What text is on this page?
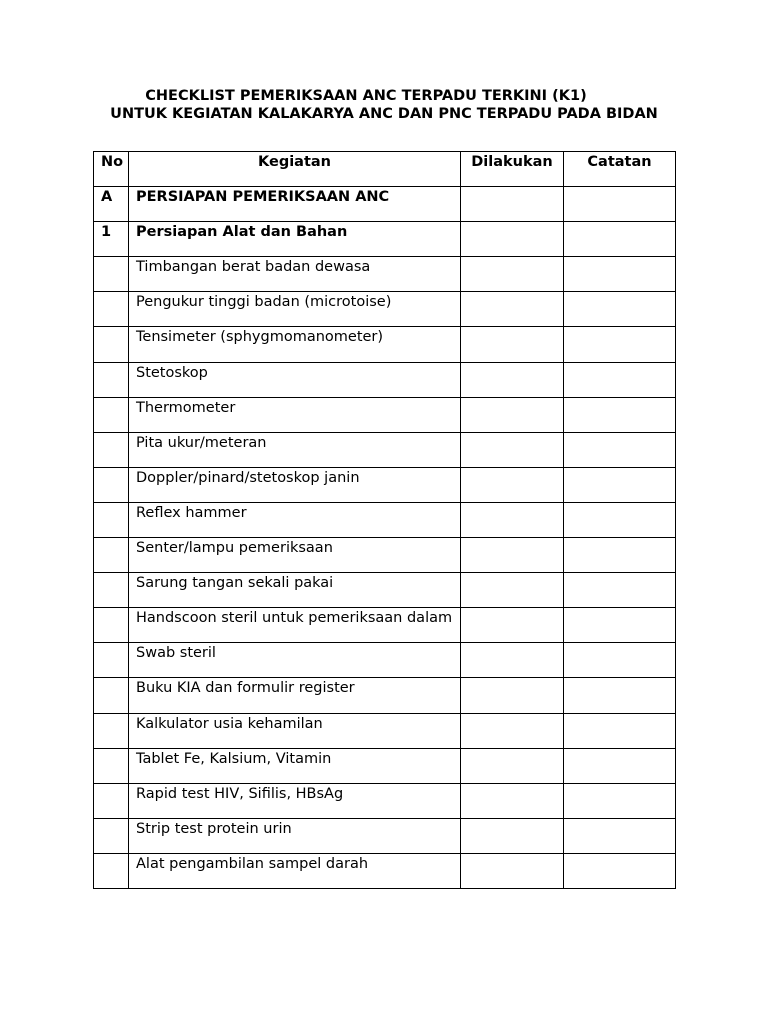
CHECKLIST PEMERIKSAAN ANC TERPADU TERKINI (K1)
UNTUK KEGIATAN KALAKARYA ANC DAN PNC TERPADU PADA BIDAN
No	Kegiatan	Dilakukan	Catatan
A	PERSIAPAN PEMERIKSAAN ANC		
1	Persiapan Alat dan Bahan		
	Timbangan berat badan dewasa		
	Pengukur tinggi badan (microtoise)		
	Tensimeter (sphygmomanometer)		
	Stetoskop		
	Thermometer		
	Pita ukur/meteran		
	Doppler/pinard/stetoskop janin		
	Reflex hammer		
	Senter/lampu pemeriksaan		
	Sarung tangan sekali pakai		
	Handscoon steril untuk pemeriksaan dalam		
	Swab steril		
	Buku KIA dan formulir register		
	Kalkulator usia kehamilan		
	Tablet Fe, Kalsium, Vitamin		
	Rapid test HIV, Sifilis, HBsAg		
	Strip test protein urin		
	Alat pengambilan sampel darah		
